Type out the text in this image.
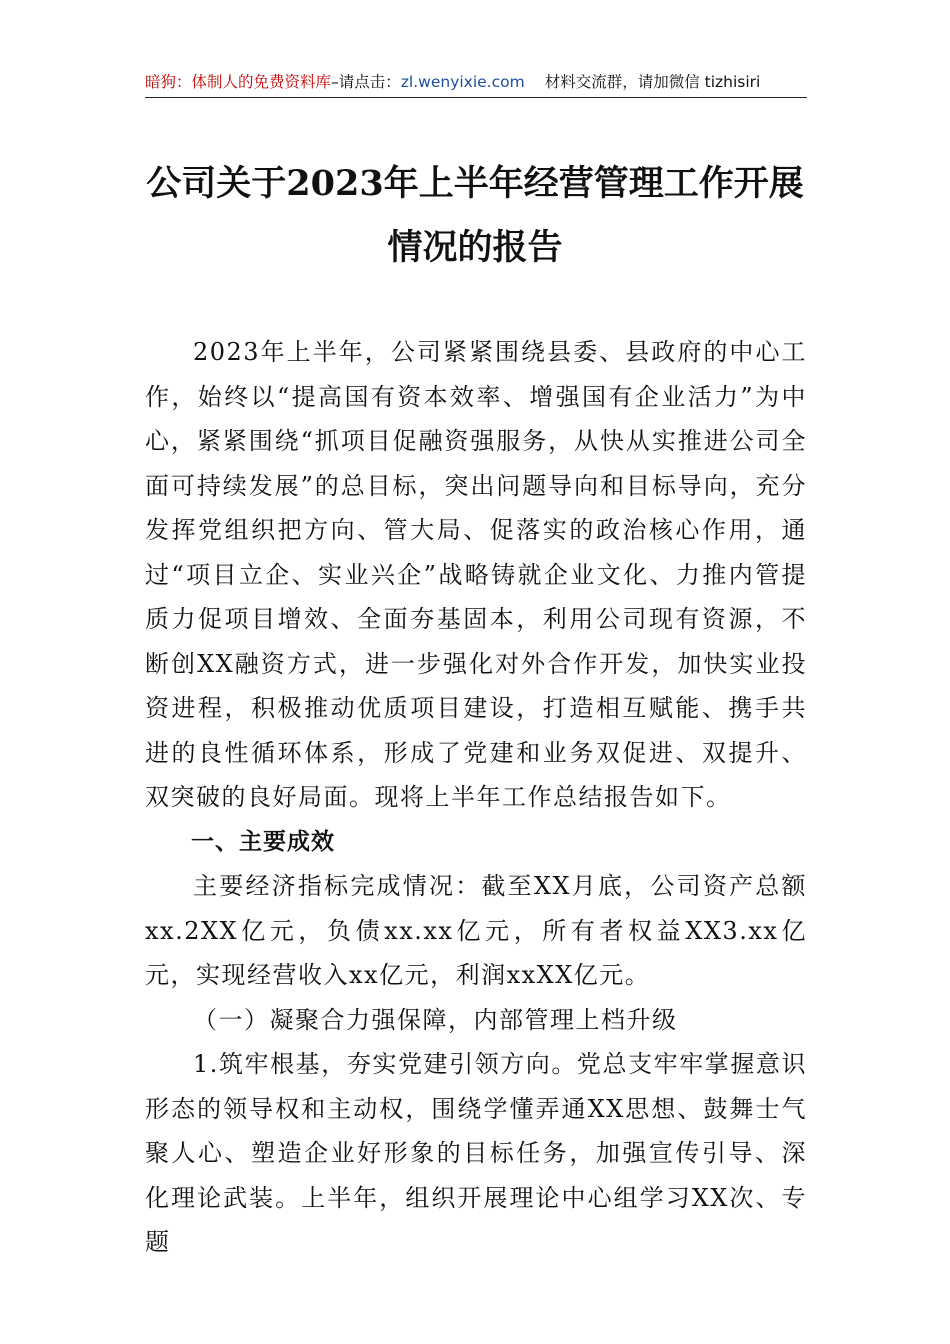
暗狗：体制人的免费资料库–请点击：zl.wenyixie.com 材料交流群，请加微信 tizhisiri
公司关于2023年上半年经营管理工作开展
情况的报告

2023年上半年，公司紧紧围绕县委、县政府的中心工作，始终以“提高国有资本效率、增强国有企业活力”为中心，紧紧围绕“抓项目促融资强服务，从快从实推进公司全面可持续发展”的总目标，突出问题导向和目标导向，充分发挥党组织把方向、管大局、促落实的政治核心作用，通过“项目立企、实业兴企”战略铸就企业文化、力推内管提质力促项目增效、全面夯基固本，利用公司现有资源，不断创XX融资方式，进一步强化对外合作开发，加快实业投资进程，积极推动优质项目建设，打造相互赋能、携手共进的良性循环体系，形成了党建和业务双促进、双提升、双突破的良好局面。现将上半年工作总结报告如下。

一、主要成效

主要经济指标完成情况：截至XX月底，公司资产总额xx.2XX亿元，负债xx.xx亿元，所有者权益XX3.xx亿元，实现经营收入xx亿元，利润xxXX亿元。

（一）凝聚合力强保障，内部管理上档升级

1.筑牢根基，夯实党建引领方向。党总支牢牢掌握意识形态的领导权和主动权，围绕学懂弄通XX思想、鼓舞士气聚人心、塑造企业好形象的目标任务，加强宣传引导、深化理论武装。上半年，组织开展理论中心组学习XX次、专题
